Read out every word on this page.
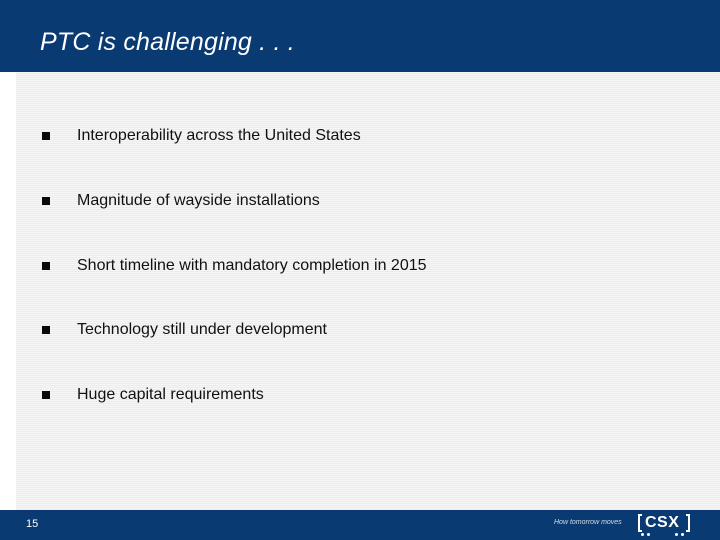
PTC is challenging . . .
Interoperability across the United States
Magnitude of wayside installations
Short timeline with mandatory completion in 2015
Technology still under development
Huge capital requirements
15	How tomorrow moves CSX
